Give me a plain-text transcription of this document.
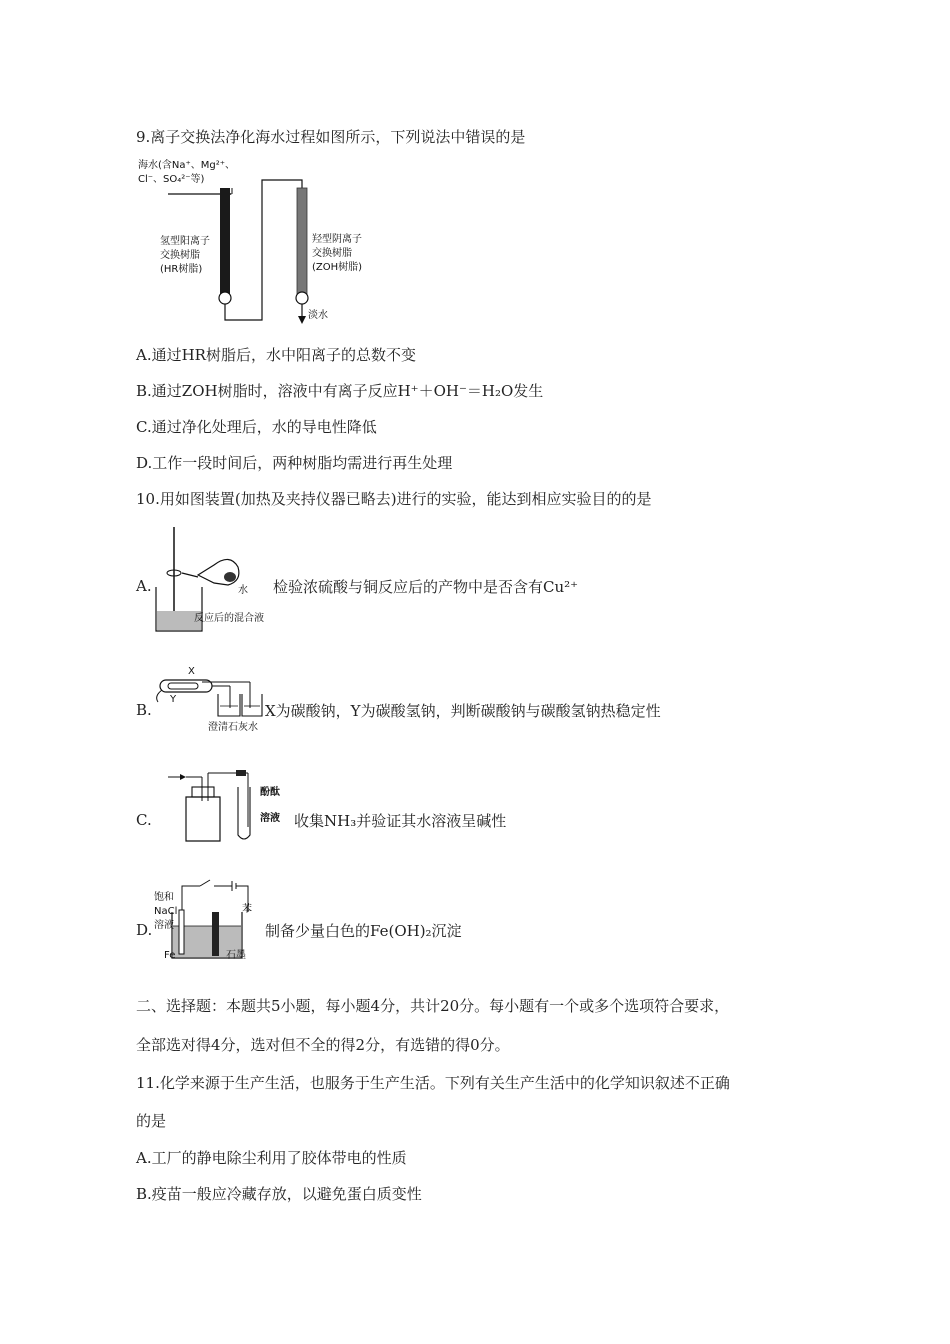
9.离子交换法净化海水过程如图所示，下列说法中错误的是
海水(含Na⁺、Mg²⁺、
Cl⁻、SO₄²⁻等)
氢型阳离子
交换树脂
(HR树脂)
羟型阴离子
交换树脂
(ZOH树脂)
淡水
A.通过HR树脂后，水中阳离子的总数不变
B.通过ZOH树脂时，溶液中有离子反应H⁺＋OH⁻＝H₂O发生
C.通过净化处理后，水的导电性降低
D.工作一段时间后，两种树脂均需进行再生处理
10.用如图装置(加热及夹持仪器已略去)进行的实验，能达到相应实验目的的是
A.	水
反应后的混合液
检验浓硫酸与铜反应后的产物中是否含有Cu²⁺
B.
X
Y
澄清石灰水
X为碳酸钠，Y为碳酸氢钠，判断碳酸钠与碳酸氢钠热稳定性
C.
酚酞
溶液 收集NH₃并验证其水溶液呈碱性
D.
饱和
NaCl
溶液
苯
Fe	石墨
制备少量白色的Fe(OH)₂沉淀
二、选择题：本题共5小题，每小题4分，共计20分。每小题有一个或多个选项符合要求，
全部选对得4分，选对但不全的得2分，有选错的得0分。
11.化学来源于生产生活，也服务于生产生活。下列有关生产生活中的化学知识叙述不正确
的是
A.工厂的静电除尘利用了胶体带电的性质
B.疫苗一般应冷藏存放，以避免蛋白质变性
